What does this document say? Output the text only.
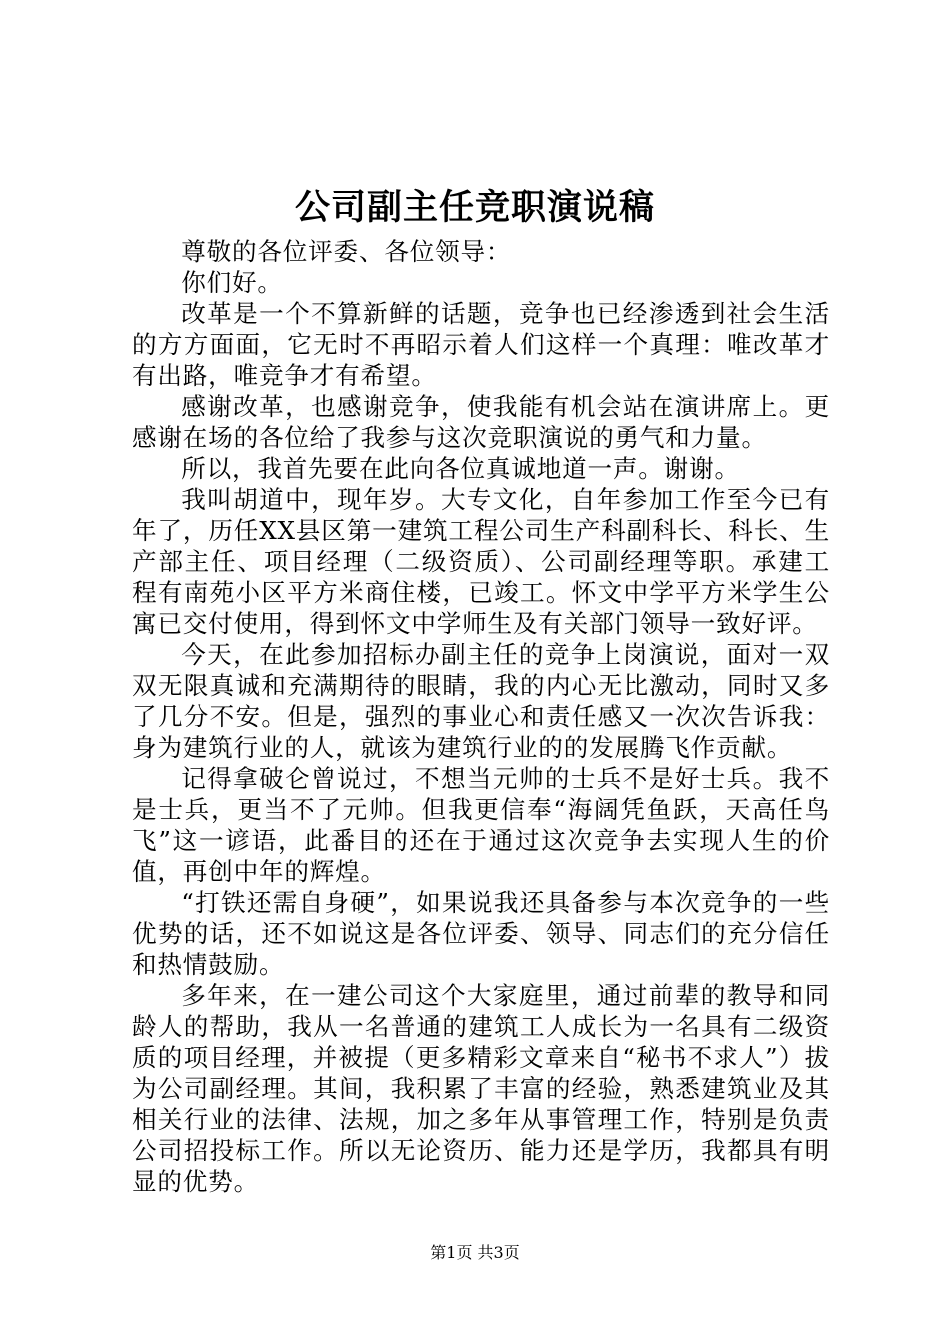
公司副主任竞职演说稿

尊敬的各位评委、各位领导：

你们好。

改革是一个不算新鲜的话题，竞争也已经渗透到社会生活的方方面面，它无时不再昭示着人们这样一个真理：唯改革才有出路，唯竞争才有希望。

感谢改革，也感谢竞争，使我能有机会站在演讲席上。更感谢在场的各位给了我参与这次竞职演说的勇气和力量。

所以，我首先要在此向各位真诚地道一声。谢谢。

我叫胡道中，现年岁。大专文化，自年参加工作至今已有年了，历任XX县区第一建筑工程公司生产科副科长、科长、生产部主任、项目经理（二级资质）、公司副经理等职。承建工程有南苑小区平方米商住楼，已竣工。怀文中学平方米学生公寓已交付使用，得到怀文中学师生及有关部门领导一致好评。

今天，在此参加招标办副主任的竞争上岗演说，面对一双双无限真诚和充满期待的眼睛，我的内心无比激动，同时又多了几分不安。但是，强烈的事业心和责任感又一次次告诉我：身为建筑行业的人，就该为建筑行业的的发展腾飞作贡献。

记得拿破仑曾说过，不想当元帅的士兵不是好士兵。我不是士兵，更当不了元帅。但我更信奉“海阔凭鱼跃，天高任鸟飞”这一谚语，此番目的还在于通过这次竞争去实现人生的价值，再创中年的辉煌。

“打铁还需自身硬”，如果说我还具备参与本次竞争的一些优势的话，还不如说这是各位评委、领导、同志们的充分信任和热情鼓励。

多年来，在一建公司这个大家庭里，通过前辈的教导和同龄人的帮助，我从一名普通的建筑工人成长为一名具有二级资质的项目经理，并被提（更多精彩文章来自“秘书不求人”）拔为公司副经理。其间，我积累了丰富的经验，熟悉建筑业及其相关行业的法律、法规，加之多年从事管理工作，特别是负责公司招投标工作。所以无论资历、能力还是学历，我都具有明显的优势。

第1页 共3页
